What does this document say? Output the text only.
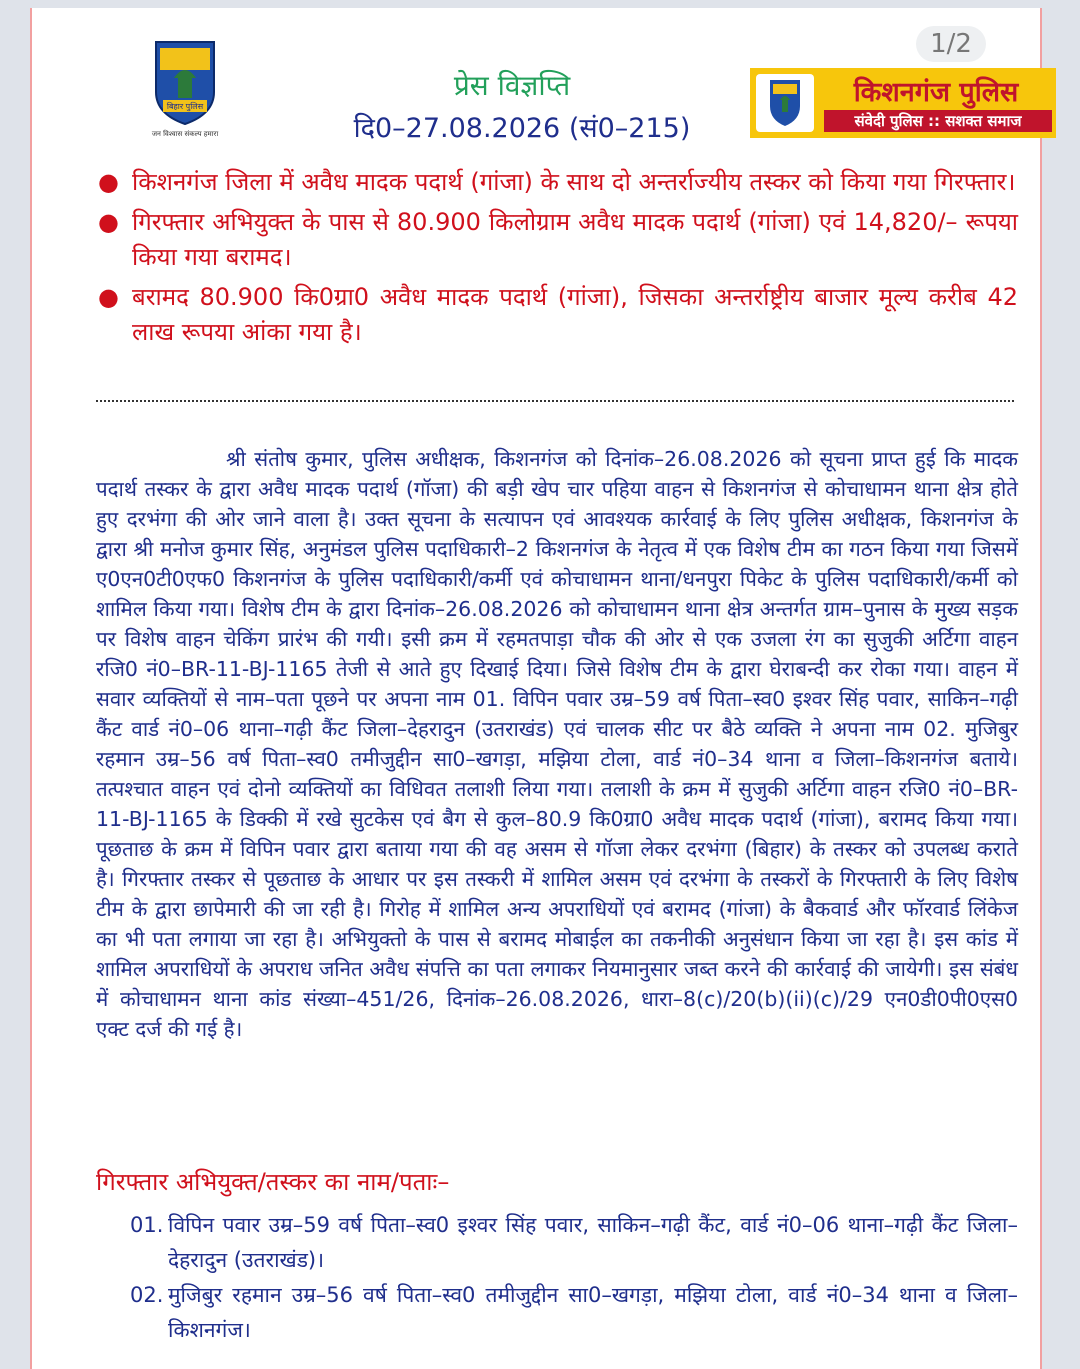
बिहार पुलिस
जन विश्वास संकल्प हमारा
1/2
प्रेस विज्ञप्ति
दि0–27.08.2026 (सं0–215)
किशनगंज पुलिस
संवेदी पुलिस :: सशक्त समाज
● किशनगंज जिला में अवैध मादक पदार्थ (गांजा) के साथ दो अन्तर्राज्यीय तस्कर को किया गया गिरफ्तार।
● गिरफ्तार अभियुक्त के पास से 80.900 किलोग्राम अवैध मादक पदार्थ (गांजा) एवं 14,820/– रूपया किया गया बरामद।
● बरामद 80.900 कि0ग्रा0 अवैध मादक पदार्थ (गांजा), जिसका अन्तर्राष्ट्रीय बाजार मूल्य करीब 42 लाख रूपया आंका गया है।
श्री संतोष कुमार, पुलिस अधीक्षक, किशनगंज को दिनांक–26.08.2026 को सूचना प्राप्त हुई कि मादक पदार्थ तस्कर के द्वारा अवैध मादक पदार्थ (गॉजा) की बड़ी खेप चार पहिया वाहन से किशनगंज से कोचाधामन थाना क्षेत्र होते हुए दरभंगा की ओर जाने वाला है। उक्त सूचना के सत्यापन एवं आवश्यक कार्रवाई के लिए पुलिस अधीक्षक, किशनगंज के द्वारा श्री मनोज कुमार सिंह, अनुमंडल पुलिस पदाधिकारी–2 किशनगंज के नेतृत्व में एक विशेष टीम का गठन किया गया जिसमें ए0एन0टी0एफ0 किशनगंज के पुलिस पदाधिकारी/कर्मी एवं कोचाधामन थाना/धनपुरा पिकेट के पुलिस पदाधिकारी/कर्मी को शामिल किया गया। विशेष टीम के द्वारा दिनांक–26.08.2026 को कोचाधामन थाना क्षेत्र अन्तर्गत ग्राम–पुनास के मुख्य सड़क पर विशेष वाहन चेकिंग प्रारंभ की गयी। इसी क्रम में रहमतपाड़ा चौक की ओर से एक उजला रंग का सुजुकी अर्टिगा वाहन रजि0 नं0–BR-11-BJ-1165 तेजी से आते हुए दिखाई दिया। जिसे विशेष टीम के द्वारा घेराबन्दी कर रोका गया। वाहन में सवार व्यक्तियों से नाम–पता पूछने पर अपना नाम 01. विपिन पवार उम्र–59 वर्ष पिता–स्व0 इश्वर सिंह पवार, साकिन–गढ़ी कैंट वार्ड नं0–06 थाना–गढ़ी कैंट जिला–देहरादुन (उतराखंड) एवं चालक सीट पर बैठे व्यक्ति ने अपना नाम 02. मुजिबुर रहमान उम्र–56 वर्ष पिता–स्व0 तमीजुद्दीन सा0–खगड़ा, मझिया टोला, वार्ड नं0–34 थाना व जिला–किशनगंज बताये। तत्पश्चात वाहन एवं दोनो व्यक्तियों का विधिवत तलाशी लिया गया। तलाशी के क्रम में सुजुकी अर्टिगा वाहन रजि0 नं0–BR-11-BJ-1165 के डिक्की में रखे सुटकेस एवं बैग से कुल–80.9 कि0ग्रा0 अवैध मादक पदार्थ (गांजा), बरामद किया गया। पूछताछ के क्रम में विपिन पवार द्वारा बताया गया की वह असम से गॉजा लेकर दरभंगा (बिहार) के तस्कर को उपलब्ध कराते है। गिरफ्तार तस्कर से पूछताछ के आधार पर इस तस्करी में शामिल असम एवं दरभंगा के तस्करों के गिरफ्तारी के लिए विशेष टीम के द्वारा छापेमारी की जा रही है। गिरोह में शामिल अन्य अपराधियों एवं बरामद (गांजा) के बैकवार्ड और फॉरवार्ड लिंकेज का भी पता लगाया जा रहा है। अभियुक्तो के पास से बरामद मोबाईल का तकनीकी अनुसंधान किया जा रहा है। इस कांड में शामिल अपराधियों के अपराध जनित अवैध संपत्ति का पता लगाकर नियमानुसार जब्त करने की कार्रवाई की जायेगी। इस संबंध में कोचाधामन थाना कांड संख्या–451/26, दिनांक–26.08.2026, धारा–8(c)/20(b)(ii)(c)/29 एन0डी0पी0एस0 एक्ट दर्ज की गई है।
गिरफ्तार अभियुक्त/तस्कर का नाम/पताः–
01. विपिन पवार उम्र–59 वर्ष पिता–स्व0 इश्वर सिंह पवार, साकिन–गढ़ी कैंट, वार्ड नं0–06 थाना–गढ़ी कैंट जिला–देहरादुन (उतराखंड)।
02. मुजिबुर रहमान उम्र–56 वर्ष पिता–स्व0 तमीजुद्दीन सा0–खगड़ा, मझिया टोला, वार्ड नं0–34 थाना व जिला–किशनगंज।
